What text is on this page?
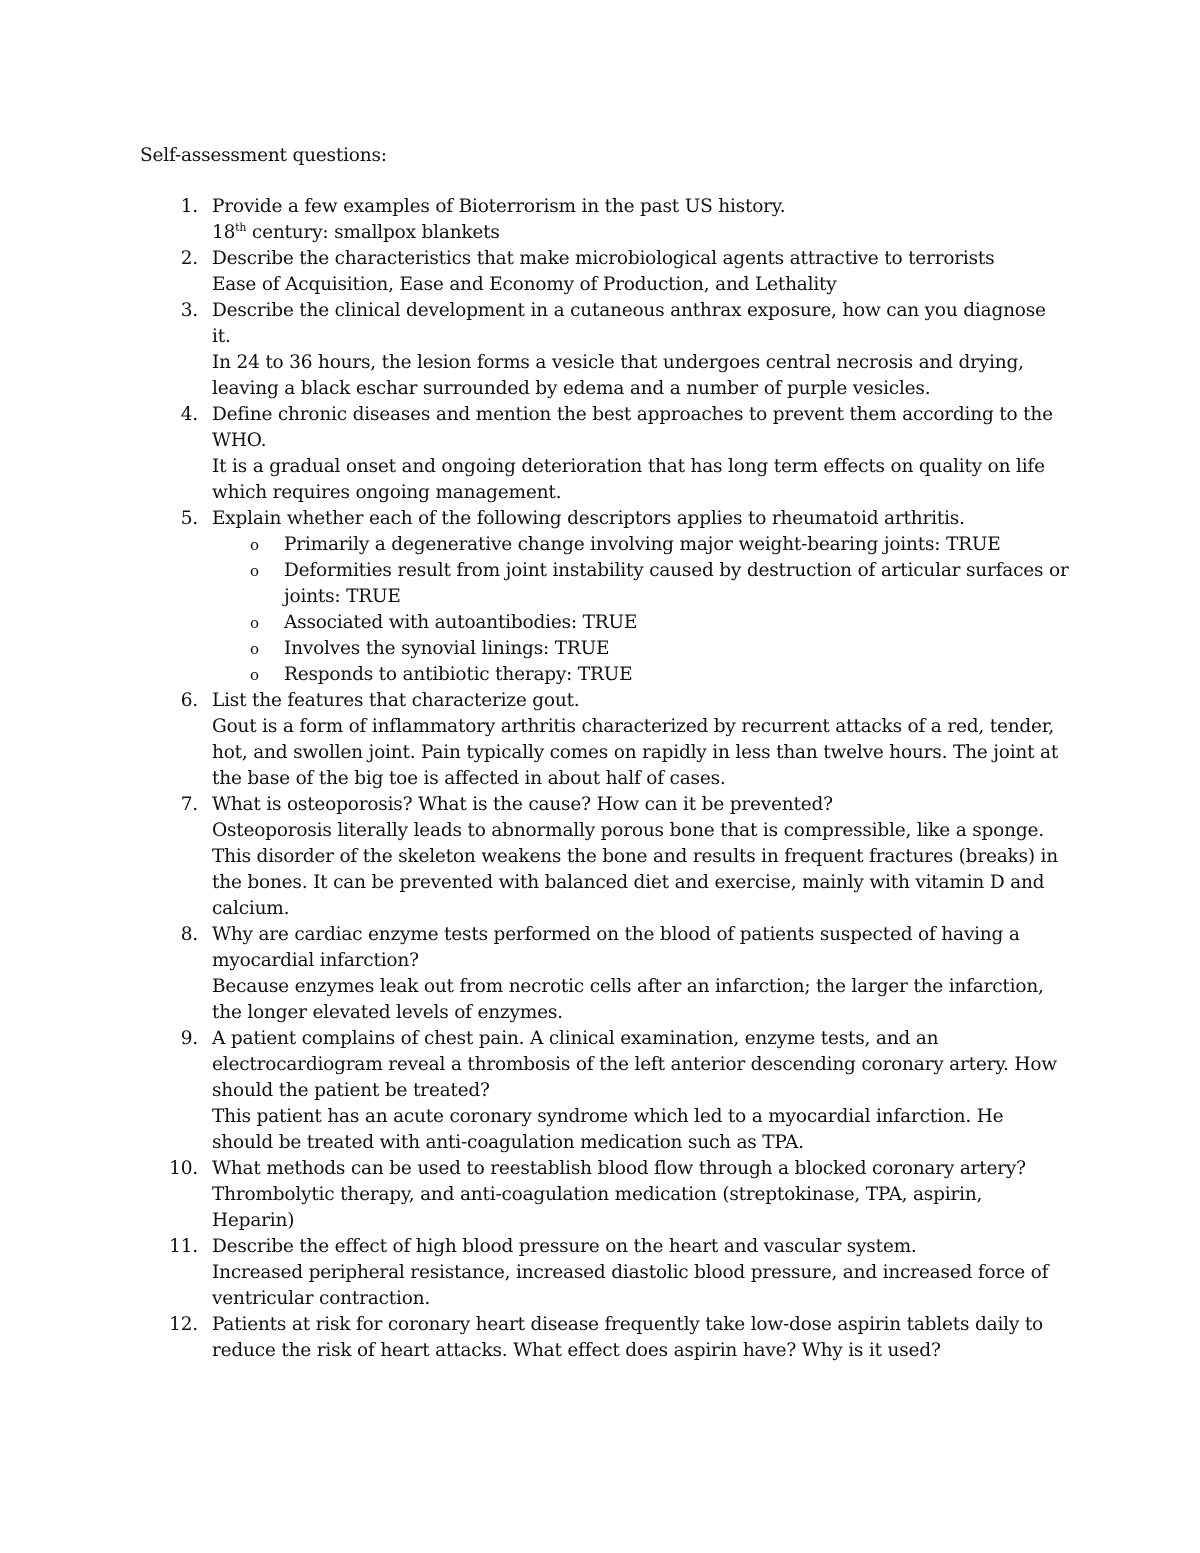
Self-assessment questions:

1. Provide a few examples of Bioterrorism in the past US history.
18th century: smallpox blankets
2. Describe the characteristics that make microbiological agents attractive to terrorists
Ease of Acquisition, Ease and Economy of Production, and Lethality
3. Describe the clinical development in a cutaneous anthrax exposure, how can you diagnose it.
In 24 to 36 hours, the lesion forms a vesicle that undergoes central necrosis and drying, leaving a black eschar surrounded by edema and a number of purple vesicles.
4. Define chronic diseases and mention the best approaches to prevent them according to the WHO.
It is a gradual onset and ongoing deterioration that has long term effects on quality on life which requires ongoing management.
5. Explain whether each of the following descriptors applies to rheumatoid arthritis.
o Primarily a degenerative change involving major weight-bearing joints: TRUE
o Deformities result from joint instability caused by destruction of articular surfaces or joints: TRUE
o Associated with autoantibodies: TRUE
o Involves the synovial linings: TRUE
o Responds to antibiotic therapy: TRUE
6. List the features that characterize gout.
Gout is a form of inflammatory arthritis characterized by recurrent attacks of a red, tender, hot, and swollen joint. Pain typically comes on rapidly in less than twelve hours. The joint at the base of the big toe is affected in about half of cases.
7. What is osteoporosis? What is the cause? How can it be prevented?
Osteoporosis literally leads to abnormally porous bone that is compressible, like a sponge. This disorder of the skeleton weakens the bone and results in frequent fractures (breaks) in the bones. It can be prevented with balanced diet and exercise, mainly with vitamin D and calcium.
8. Why are cardiac enzyme tests performed on the blood of patients suspected of having a myocardial infarction?
Because enzymes leak out from necrotic cells after an infarction; the larger the infarction, the longer elevated levels of enzymes.
9. A patient complains of chest pain. A clinical examination, enzyme tests, and an electrocardiogram reveal a thrombosis of the left anterior descending coronary artery. How should the patient be treated?
This patient has an acute coronary syndrome which led to a myocardial infarction. He should be treated with anti-coagulation medication such as TPA.
10. What methods can be used to reestablish blood flow through a blocked coronary artery?
Thrombolytic therapy, and anti-coagulation medication (streptokinase, TPA, aspirin, Heparin)
11. Describe the effect of high blood pressure on the heart and vascular system.
Increased peripheral resistance, increased diastolic blood pressure, and increased force of ventricular contraction.
12. Patients at risk for coronary heart disease frequently take low-dose aspirin tablets daily to reduce the risk of heart attacks. What effect does aspirin have? Why is it used?
